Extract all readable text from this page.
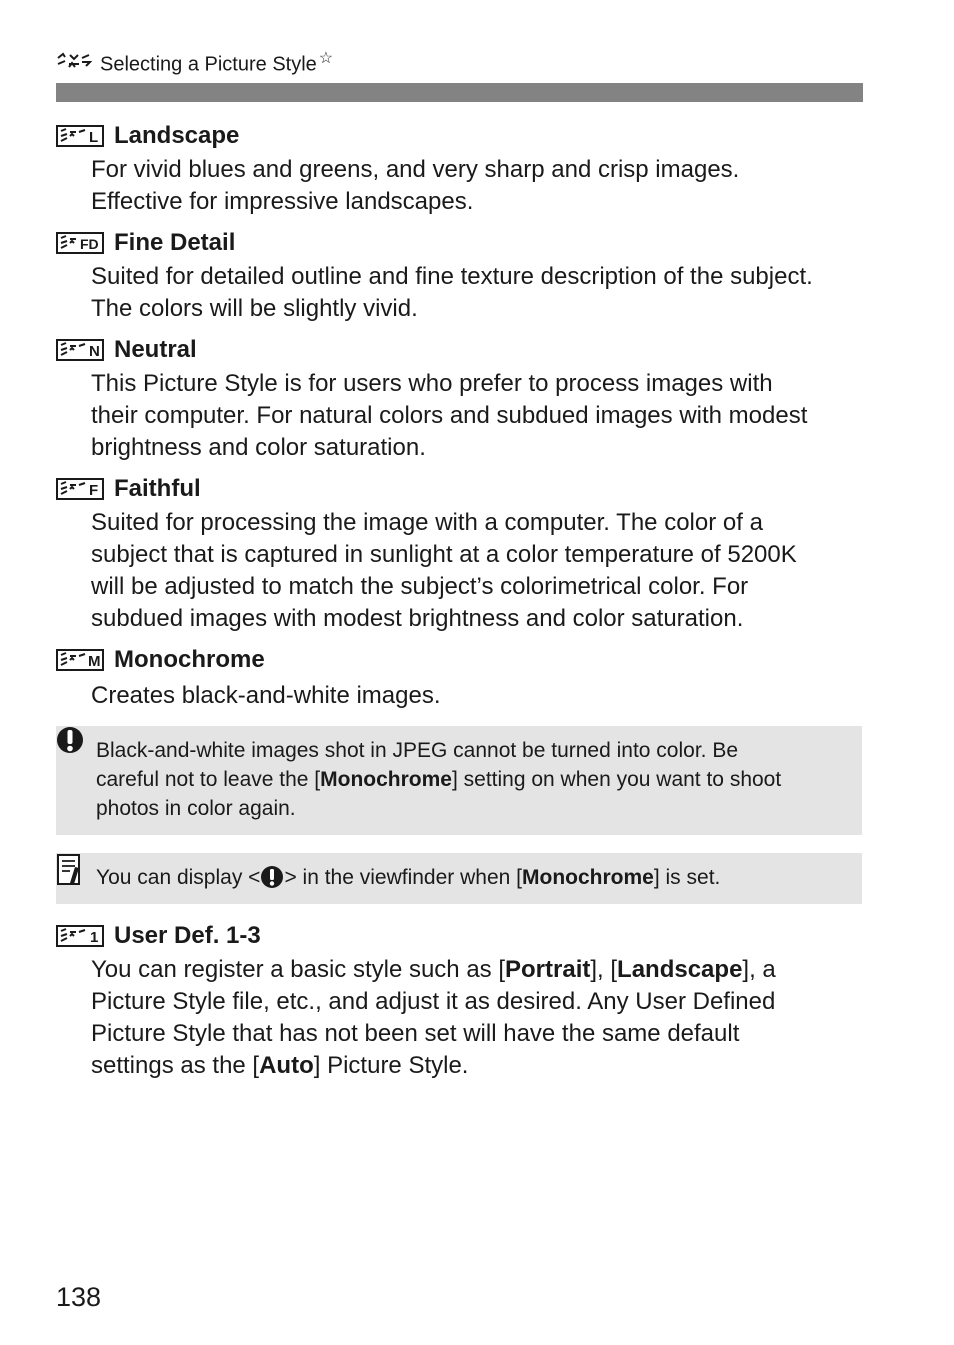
Selecting a Picture Style ☆
L Landscape
For vivid blues and greens, and very sharp and crisp images.
Effective for impressive landscapes.
FD Fine Detail
Suited for detailed outline and fine texture description of the subject.
The colors will be slightly vivid.
N Neutral
This Picture Style is for users who prefer to process images with
their computer. For natural colors and subdued images with modest
brightness and color saturation.
F Faithful
Suited for processing the image with a computer. The color of a
subject that is captured in sunlight at a color temperature of 5200K
will be adjusted to match the subject’s colorimetrical color. For
subdued images with modest brightness and color saturation.
M Monochrome
Creates black-and-white images.
Black-and-white images shot in JPEG cannot be turned into color. Be
careful not to leave the [Monochrome] setting on when you want to shoot
photos in color again.
You can display < > in the viewfinder when [Monochrome] is set.
1 User Def. 1-3
You can register a basic style such as [Portrait], [Landscape], a
Picture Style file, etc., and adjust it as desired. Any User Defined
Picture Style that has not been set will have the same default
settings as the [Auto] Picture Style.
138
